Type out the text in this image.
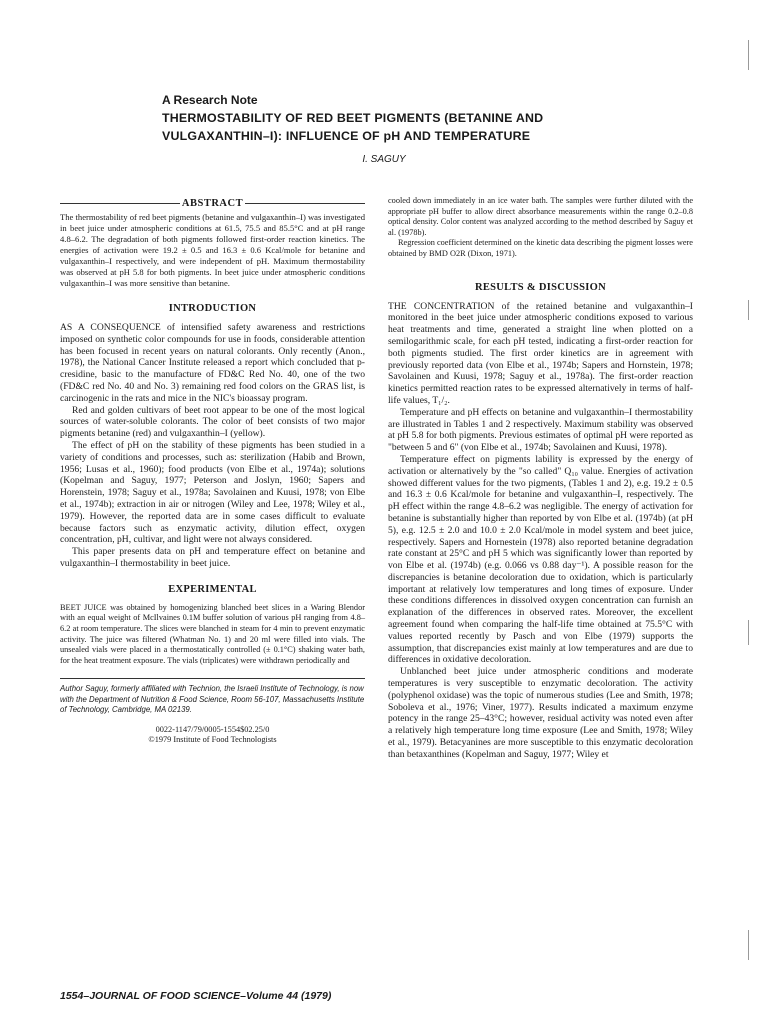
A Research Note

THERMOSTABILITY OF RED BEET PIGMENTS (BETANINE AND

VULGAXANTHIN–I): INFLUENCE OF pH AND TEMPERATURE

I. SAGUY
ABSTRACT

The thermostability of red beet pigments (betanine and vulgaxanthin–I) was investigated in beet juice under atmospheric conditions at 61.5, 75.5 and 85.5°C and at pH range 4.8–6.2. The degradation of both pigments followed first-order reaction kinetics. The energies of activation were 19.2 ± 0.5 and 16.3 ± 0.6 Kcal/mole for betanine and vulgaxanthin–I respectively, and were independent of pH. Maximum thermostability was observed at pH 5.8 for both pigments. In beet juice under atmospheric conditions vulgaxanthin–I was more sensitive than betanine.

INTRODUCTION

AS A CONSEQUENCE of intensified safety awareness and restrictions imposed on synthetic color compounds for use in foods, considerable attention has been focused in recent years on natural colorants. Only recently (Anon., 1978), the National Cancer Institute released a report which concluded that p-cresidine, basic to the manufacture of FD&C Red No. 40, one of the two (FD&C red No. 40 and No. 3) remaining red food colors on the GRAS list, is carcinogenic in the rats and mice in the NIC's bioassay program.

Red and golden cultivars of beet root appear to be one of the most logical sources of water-soluble colorants. The color of beet consists of two major pigments betanine (red) and vulgaxanthin–I (yellow).

The effect of pH on the stability of these pigments has been studied in a variety of conditions and processes, such as: sterilization (Habib and Brown, 1956; Lusas et al., 1960); food products (von Elbe et al., 1974a); solutions (Kopelman and Saguy, 1977; Peterson and Joslyn, 1960; Sapers and Horenstein, 1978; Saguy et al., 1978a; Savolainen and Kuusi, 1978; von Elbe et al., 1974b); extraction in air or nitrogen (Wiley and Lee, 1978; Wiley et al., 1979). However, the reported data are in some cases difficult to evaluate because factors such as enzymatic activity, dilution effect, oxygen concentration, pH, cultivar, and light were not always considered.

This paper presents data on pH and temperature effect on betanine and vulgaxanthin–I thermostability in beet juice.

EXPERIMENTAL

BEET JUICE was obtained by homogenizing blanched beet slices in a Waring Blendor with an equal weight of McIlvaines 0.1M buffer solution of various pH ranging from 4.8–6.2 at room temperature. The slices were blanched in steam for 4 min to prevent enzymatic activity. The juice was filtered (Whatman No. 1) and 20 ml were filled into vials. The unsealed vials were placed in a thermostatically controlled (± 0.1°C) shaking water bath, for the heat treatment exposure. The vials (triplicates) were withdrawn periodically and

Author Saguy, formerly affiliated with Technion, the Israeli Institute of Technology, is now with the Department of Nutrition & Food Science, Room 56-107, Massachusetts Institute of Technology, Cambridge, MA 02139.

0022-1147/79/0005-1554$02.25/0
©1979 Institute of Food Technologists

cooled down immediately in an ice water bath. The samples were further diluted with the appropriate pH buffer to allow direct absorbance measurements within the range 0.2–0.8 optical density. Color content was analyzed according to the method described by Saguy et al. (1978b).

Regression coefficient determined on the kinetic data describing the pigment losses were obtained by BMD O2R (Dixon, 1971).

RESULTS & DISCUSSION

THE CONCENTRATION of the retained betanine and vulgaxanthin–I monitored in the beet juice under atmospheric conditions exposed to various heat treatments and time, generated a straight line when plotted on a semilogarithmic scale, for each pH tested, indicating a first-order reaction for both pigments studied. The first order kinetics are in agreement with previously reported data (von Elbe et al., 1974b; Sapers and Hornstein, 1978; Savolainen and Kuusi, 1978; Saguy et al., 1978a). The first-order reaction kinetics permitted reaction rates to be expressed alternatively in terms of half-life values, T₁/₂.

Temperature and pH effects on betanine and vulgaxanthin–I thermostability are illustrated in Tables 1 and 2 respectively. Maximum stability was observed at pH 5.8 for both pigments. Previous estimates of optimal pH were reported as "between 5 and 6" (von Elbe et al., 1974b; Savolainen and Kuusi, 1978).

Temperature effect on pigments lability is expressed by the energy of activation or alternatively by the "so called" Q₁₀ value. Energies of activation showed different values for the two pigments, (Tables 1 and 2), e.g. 19.2 ± 0.5 and 16.3 ± 0.6 Kcal/mole for betanine and vulgaxanthin–I, respectively. The pH effect within the range 4.8–6.2 was negligible. The energy of activation for betanine is substantially higher than reported by von Elbe et al. (1974b) (at pH 5), e.g. 12.5 ± 2.0 and 10.0 ± 2.0 Kcal/mole in model system and beet juice, respectively. Sapers and Hornestein (1978) also reported betanine degradation rate constant at 25°C and pH 5 which was significantly lower than reported by von Elbe et al. (1974b) (e.g. 0.066 vs 0.88 day⁻¹). A possible reason for the discrepancies is betanine decoloration due to oxidation, which is particularly important at relatively low temperatures and long times of exposure. Under these conditions differences in dissolved oxygen concentration can furnish an explanation of the differences in observed rates. Moreover, the excellent agreement found when comparing the half-life time obtained at 75.5°C with values reported recently by Pasch and von Elbe (1979) supports the assumption, that discrepancies exist mainly at low temperatures and are due to differences in oxidative decoloration.

Unblanched beet juice under atmospheric conditions and moderate temperatures is very susceptible to enzymatic decoloration. The activity (polyphenol oxidase) was the topic of numerous studies (Lee and Smith, 1978; Soboleva et al., 1976; Viner, 1977). Results indicated a maximum enzyme potency in the range 25–43°C; however, residual activity was noted even after a relatively high temperature long time exposure (Lee and Smith, 1978; Wiley et al., 1979). Betacyanines are more susceptible to this enzymatic decoloration than betaxanthines (Kopelman and Saguy, 1977; Wiley et

1554–JOURNAL OF FOOD SCIENCE–Volume 44 (1979)
